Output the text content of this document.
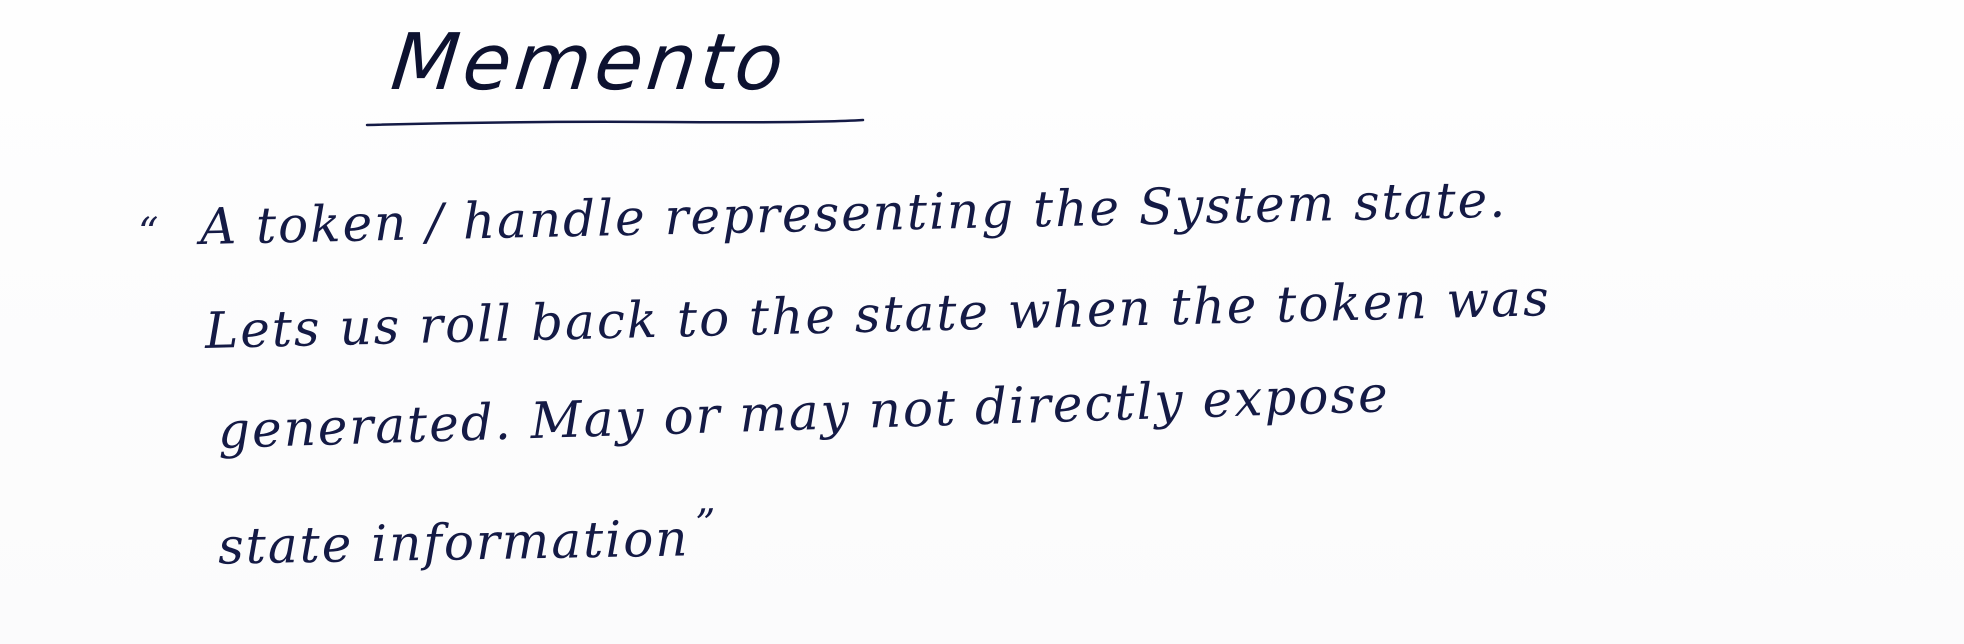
Memento
“ A token / handle representing the System state.
Lets us roll back to the state when the token was
generated. May or may not directly expose
state information ”
